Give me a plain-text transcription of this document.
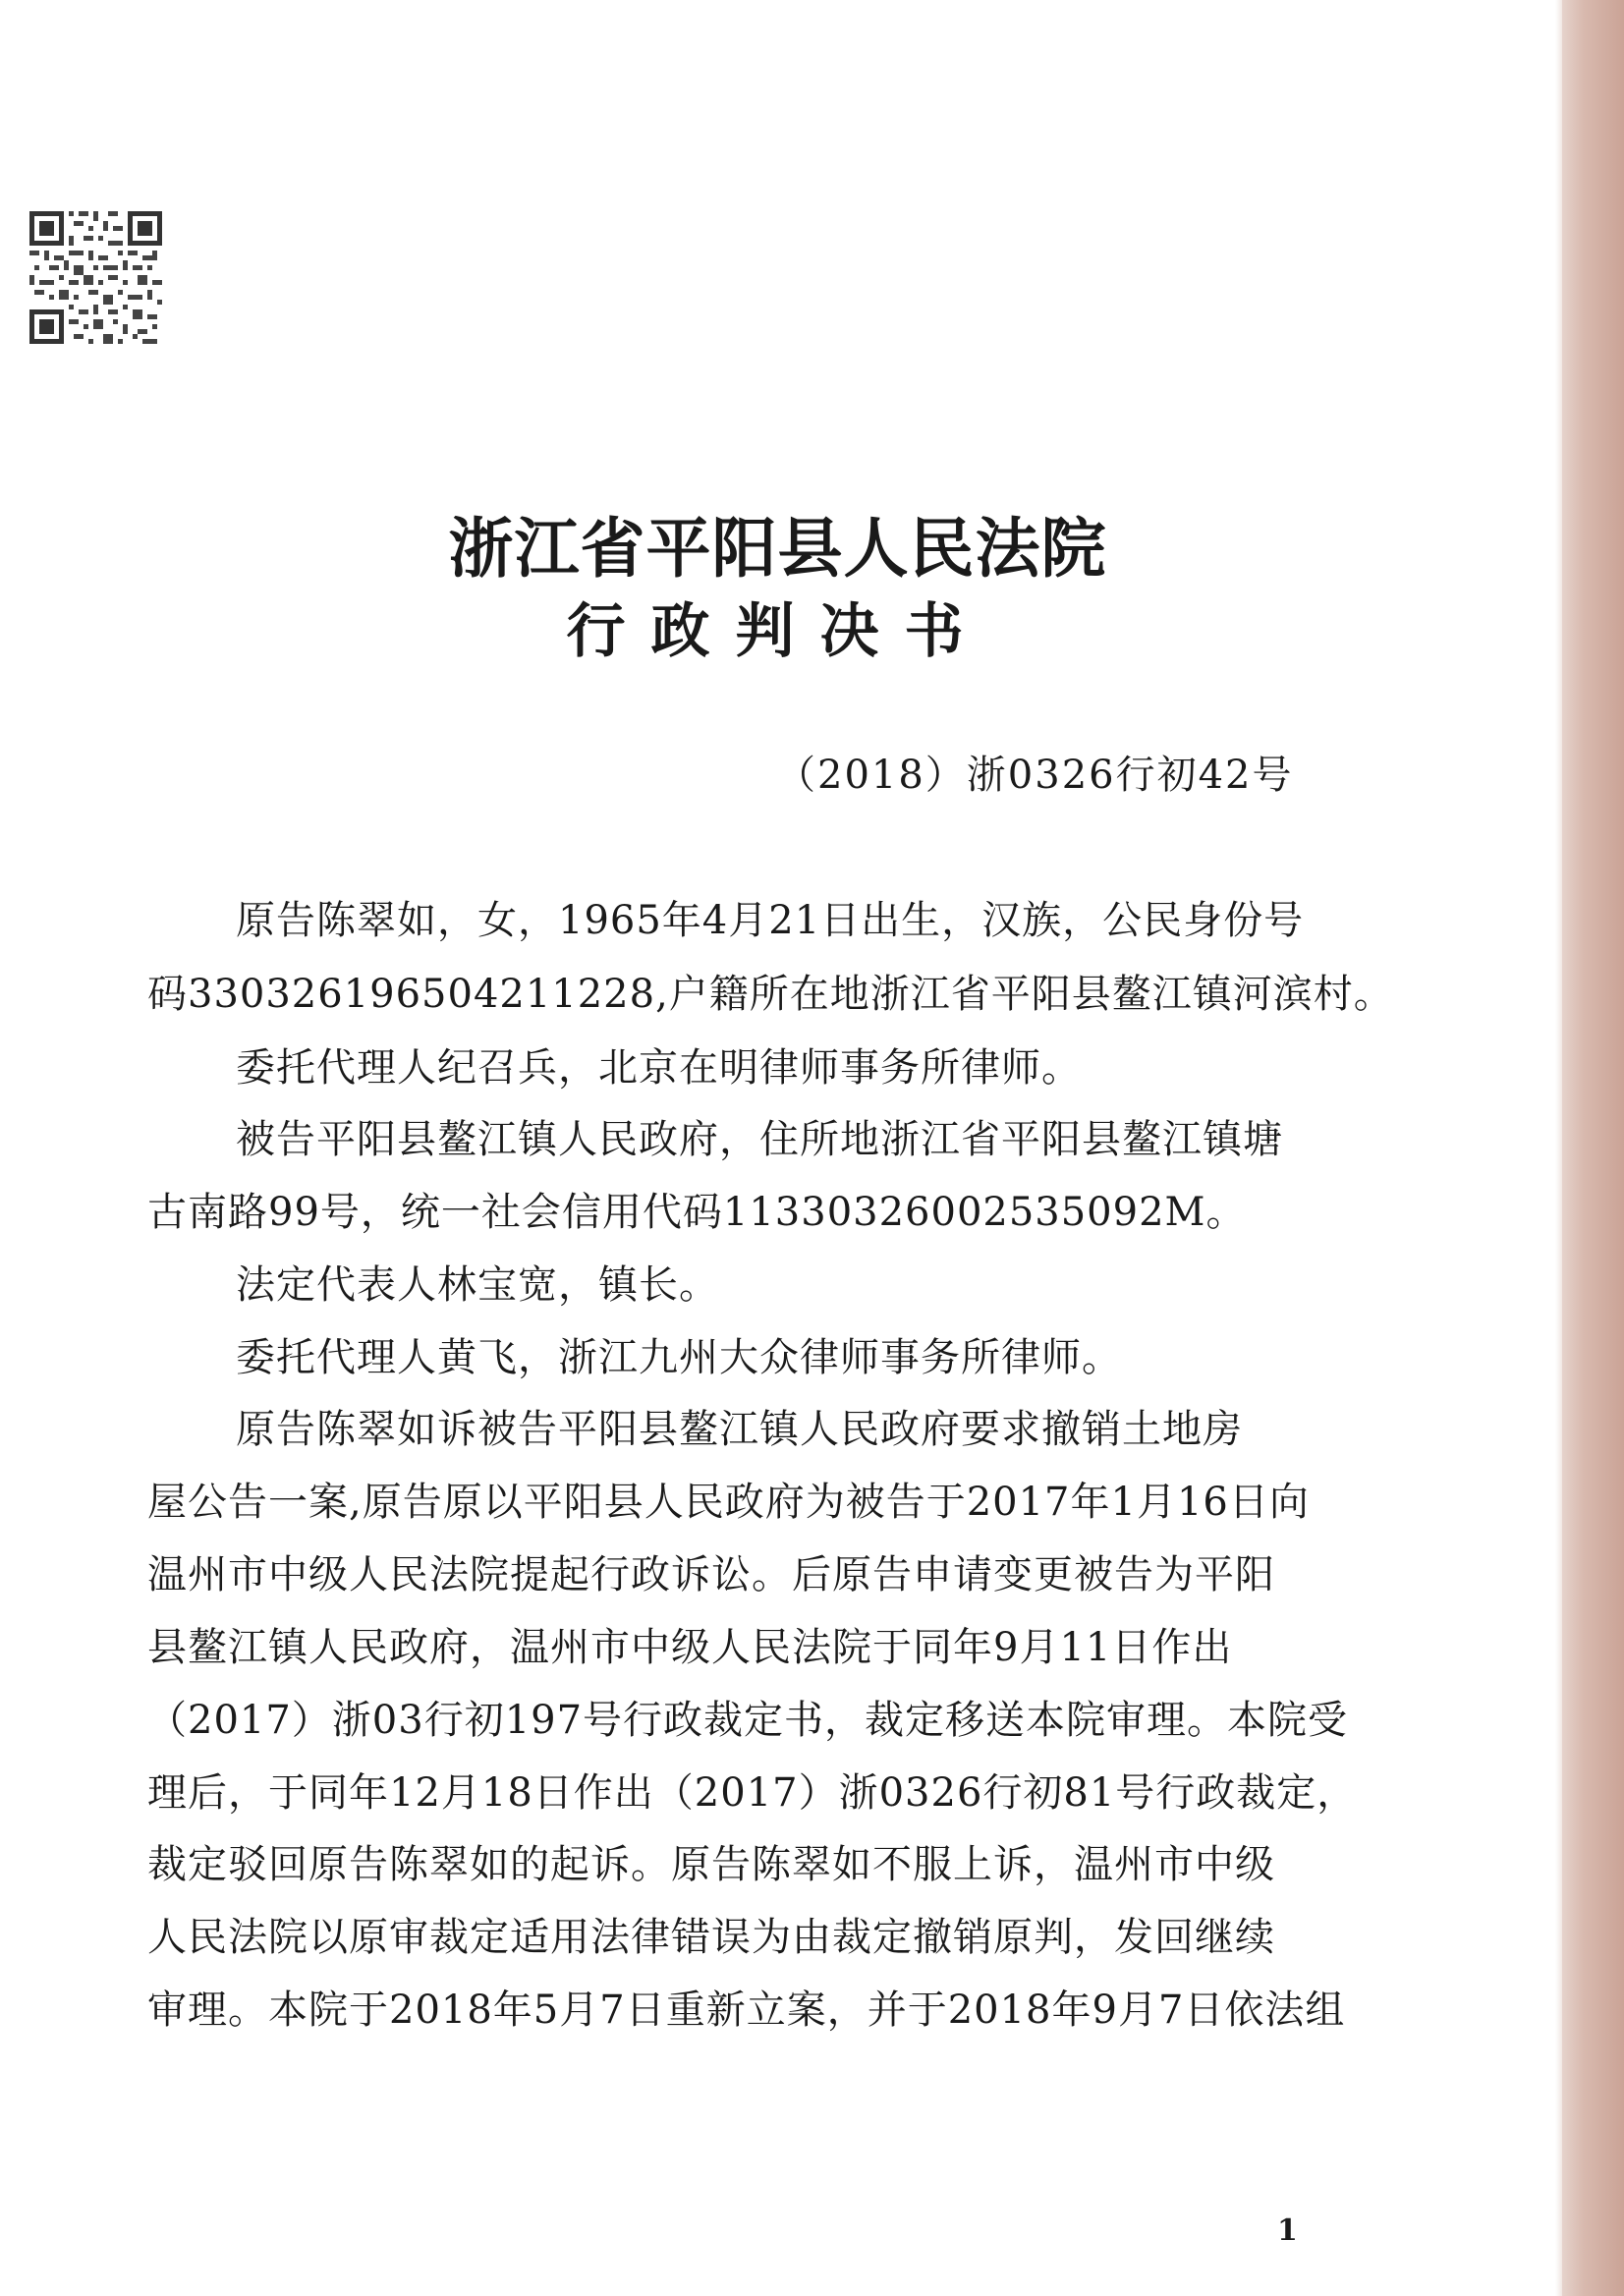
浙江省平阳县人民法院
行政判决书
（2018）浙0326行初42号
原告陈翠如，女，1965年4月21日出生，汉族，公民身份号
码330326196504211228,户籍所在地浙江省平阳县鳌江镇河滨村。
委托代理人纪召兵，北京在明律师事务所律师。
被告平阳县鳌江镇人民政府，住所地浙江省平阳县鳌江镇塘
古南路99号，统一社会信用代码11330326002535092M。
法定代表人林宝宽，镇长。
委托代理人黄飞，浙江九州大众律师事务所律师。
原告陈翠如诉被告平阳县鳌江镇人民政府要求撤销土地房
屋公告一案,原告原以平阳县人民政府为被告于2017年1月16日向
温州市中级人民法院提起行政诉讼。后原告申请变更被告为平阳
县鳌江镇人民政府，温州市中级人民法院于同年9月11日作出
（2017）浙03行初197号行政裁定书，裁定移送本院审理。本院受
理后，于同年12月18日作出（2017）浙0326行初81号行政裁定，
裁定驳回原告陈翠如的起诉。原告陈翠如不服上诉，温州市中级
人民法院以原审裁定适用法律错误为由裁定撤销原判，发回继续
审理。本院于2018年5月7日重新立案，并于2018年9月7日依法组
1
